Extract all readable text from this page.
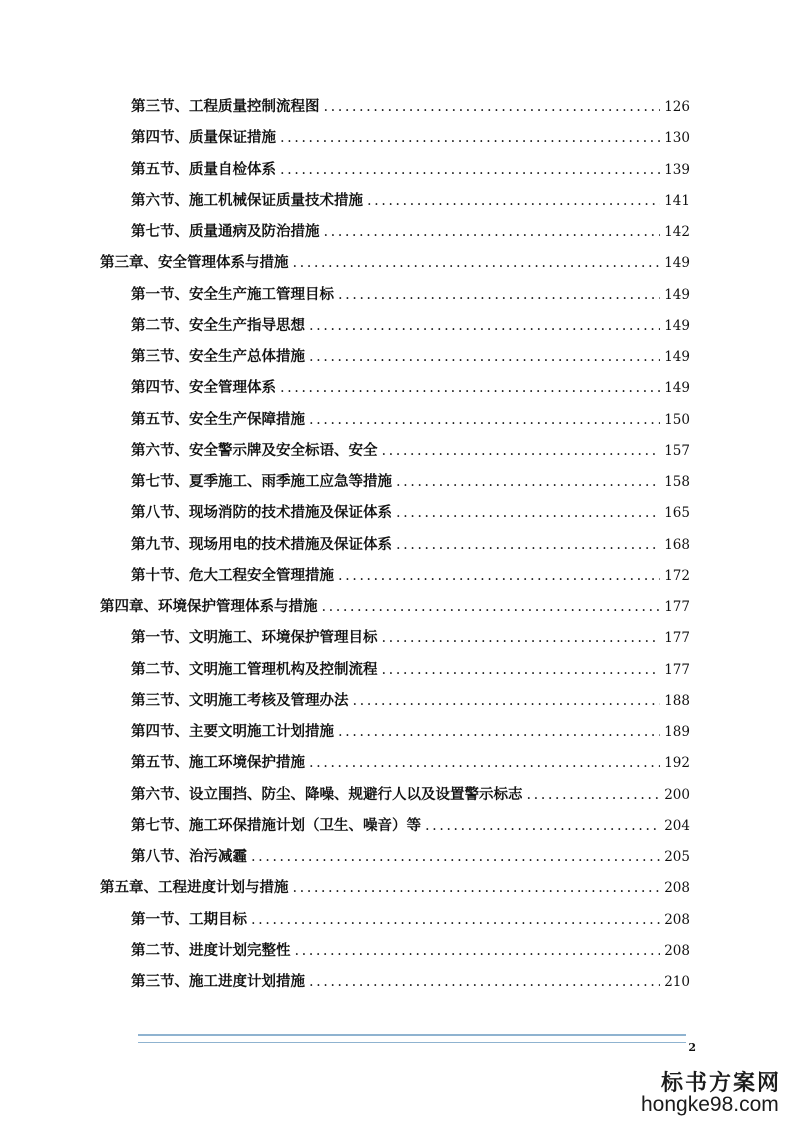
第三节、工程质量控制流程图 .....	126
第四节、质量保证措施 .....	130
第五节、质量自检体系 .....	139
第六节、施工机械保证质量技术措施 .....	141
第七节、质量通病及防治措施 .....	142
第三章、安全管理体系与措施 .....	149
第一节、安全生产施工管理目标 .....	149
第二节、安全生产指导思想 .....	149
第三节、安全生产总体措施 .....	149
第四节、安全管理体系 .....	149
第五节、安全生产保障措施 .....	150
第六节、安全警示牌及安全标语、安全 .....	157
第七节、夏季施工、雨季施工应急等措施 .....	158
第八节、现场消防的技术措施及保证体系 .....	165
第九节、现场用电的技术措施及保证体系 .....	168
第十节、危大工程安全管理措施 .....	172
第四章、环境保护管理体系与措施 .....	177
第一节、文明施工、环境保护管理目标 .....	177
第二节、文明施工管理机构及控制流程 .....	177
第三节、文明施工考核及管理办法 .....	188
第四节、主要文明施工计划措施 .....	189
第五节、施工环境保护措施 .....	192
第六节、设立围挡、防尘、降噪、规避行人以及设置警示标志 .....	200
第七节、施工环保措施计划（卫生、噪音）等 .....	204
第八节、治污减霾 .....	205
第五章、工程进度计划与措施 .....	208
第一节、工期目标 .....	208
第二节、进度计划完整性 .....	208
第三节、施工进度计划措施 .....	210
2
标书方案网
hongke98.com
